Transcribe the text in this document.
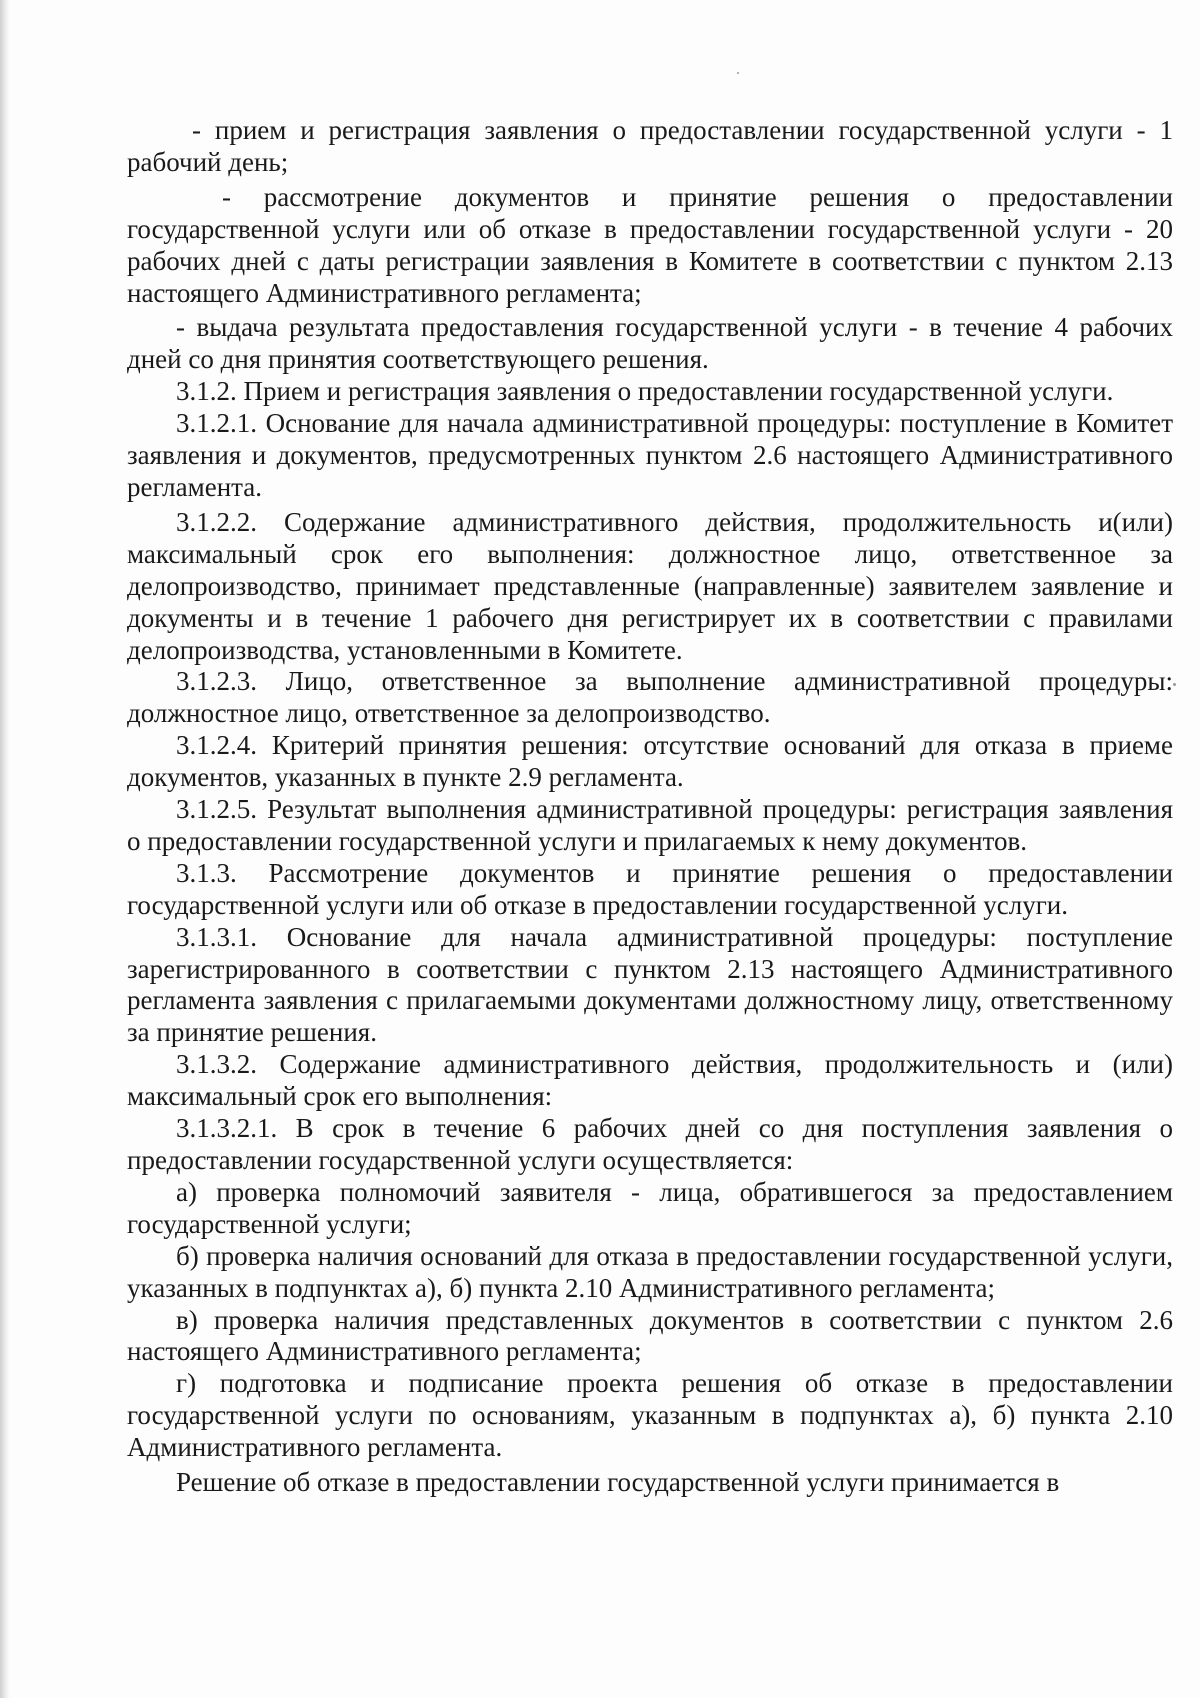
- прием и регистрация заявления о предоставлении государственной услуги - 1 рабочий день;

- рассмотрение документов и принятие решения о предоставлении государственной услуги или об отказе в предоставлении государственной услуги - 20 рабочих дней с даты регистрации заявления в Комитете в соответствии с пунктом 2.13 настоящего Административного регламента;

- выдача результата предоставления государственной услуги - в течение 4 рабочих дней со дня принятия соответствующего решения.

3.1.2. Прием и регистрация заявления о предоставлении государственной услуги.

3.1.2.1. Основание для начала административной процедуры: поступление в Комитет заявления и документов, предусмотренных пунктом 2.6 настоящего Административного регламента.

3.1.2.2. Содержание административного действия, продолжительность и(или) максимальный срок его выполнения: должностное лицо, ответственное за делопроизводство, принимает представленные (направленные) заявителем заявление и документы и в течение 1 рабочего дня регистрирует их в соответствии с правилами делопроизводства, установленными в Комитете.

3.1.2.3. Лицо, ответственное за выполнение административной процедуры: должностное лицо, ответственное за делопроизводство.

3.1.2.4. Критерий принятия решения: отсутствие оснований для отказа в приеме документов, указанных в пункте 2.9 регламента.

3.1.2.5. Результат выполнения административной процедуры: регистрация заявления о предоставлении государственной услуги и прилагаемых к нему документов.

3.1.3. Рассмотрение документов и принятие решения о предоставлении государственной услуги или об отказе в предоставлении государственной услуги.

3.1.3.1. Основание для начала административной процедуры: поступление зарегистрированного в соответствии с пунктом 2.13 настоящего Административного регламента заявления с прилагаемыми документами должностному лицу, ответственному за принятие решения.

3.1.3.2. Содержание административного действия, продолжительность и (или) максимальный срок его выполнения:

3.1.3.2.1. В срок в течение 6 рабочих дней со дня поступления заявления о предоставлении государственной услуги осуществляется:

а) проверка полномочий заявителя - лица, обратившегося за предоставлением государственной услуги;

б) проверка наличия оснований для отказа в предоставлении государственной услуги, указанных в подпунктах а), б) пункта 2.10 Административного регламента;

в) проверка наличия представленных документов в соответствии с пунктом 2.6 настоящего Административного регламента;

г) подготовка и подписание проекта решения об отказе в предоставлении государственной услуги по основаниям, указанным в подпунктах а), б) пункта 2.10 Административного регламента.

Решение об отказе в предоставлении государственной услуги принимается в
